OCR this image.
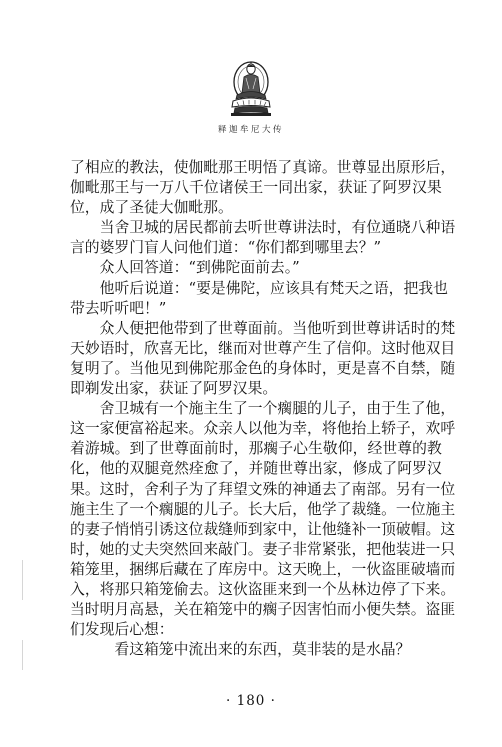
释迦牟尼大传
了 相 应 的 教 法 ， 使 伽 毗 那 王 明 悟 了 真 谛 。 世 尊 显 出 原 形 后 ，
伽 毗 那 王 与 一 万 八 千 位 诸 侯 王 一 同 出 家 ， 获 证 了 阿 罗 汉 果
位，成了圣徒大伽毗那。

当 舍 卫 城 的 居 民 都 前 去 听 世 尊 讲 法 时 ， 有 位 通 晓 八 种 语
言的婆罗门盲人问他们道：“你们都到哪里去？”
　　众人回答道：“到佛陀面前去。”

他 听 后 说 道 ： “ 要 是 佛 陀 ， 应 该 具 有 梵 天 之 语 ， 把 我 也
带去听听吧！”

众 人 便 把 他 带 到 了 世 尊 面 前 。 当 他 听 到 世 尊 讲 话 时 的 梵
天 妙 语 时 ， 欣 喜 无 比 ， 继 而 对 世 尊 产 生 了 信 仰 。 这 时 他 双 目
复 明 了 。 当 他 见 到 佛 陀 那 金 色 的 身 体 时 ， 更 是 喜 不 自 禁 ， 随
即剃发出家，获证了阿罗汉果。

舍 卫 城 有 一 个 施 主 生 了 一 个 瘸 腿 的 儿 子 ， 由 于 生 了 他 ，
这 一 家 便 富 裕 起 来 。 众 亲 人 以 他 为 幸 ， 将 他 抬 上 轿 子 ， 欢 呼
着 游 城 。 到 了 世 尊 面 前 时 ， 那 瘸 子 心 生 敬 仰 ， 经 世 尊 的 教
化 ， 他 的 双 腿 竟 然 痊 愈 了 ， 并 随 世 尊 出 家 ， 修 成 了 阿 罗 汉
果 。 这 时 ， 舍 利 子 为 了 拜 望 文 殊 的 神 通 去 了 南 部 。 另 有 一 位
施 主 生 了 一 个 瘸 腿 的 儿 子 。 长 大 后 ， 他 学 了 裁 缝 。 一 位 施 主
的 妻 子 悄 悄 引 诱 这 位 裁 缝 师 到 家 中 ， 让 他 缝 补 一 顶 破 帽 。 这
时 ， 她 的 丈 夫 突 然 回 来 敲 门 。 妻 子 非 常 紧 张 ， 把 他 装 进 一 只
箱 笼 里 ， 捆 绑 后 藏 在 了 库 房 中 。 这 天 晚 上 ， 一 伙 盗 匪 破 墙 而
入 ， 将 那 只 箱 笼 偷 去 。 这 伙 盗 匪 来 到 一 个 丛 林 边 停 了 下 来 。
当 时 明 月 高 悬 ， 关 在 箱 笼 中 的 瘸 子 因 害 怕 而 小 便 失 禁 。 盗 匪
们发现后心想：
　　　看这箱笼中流出来的东西，莫非装的是水晶？
· 180 ·
